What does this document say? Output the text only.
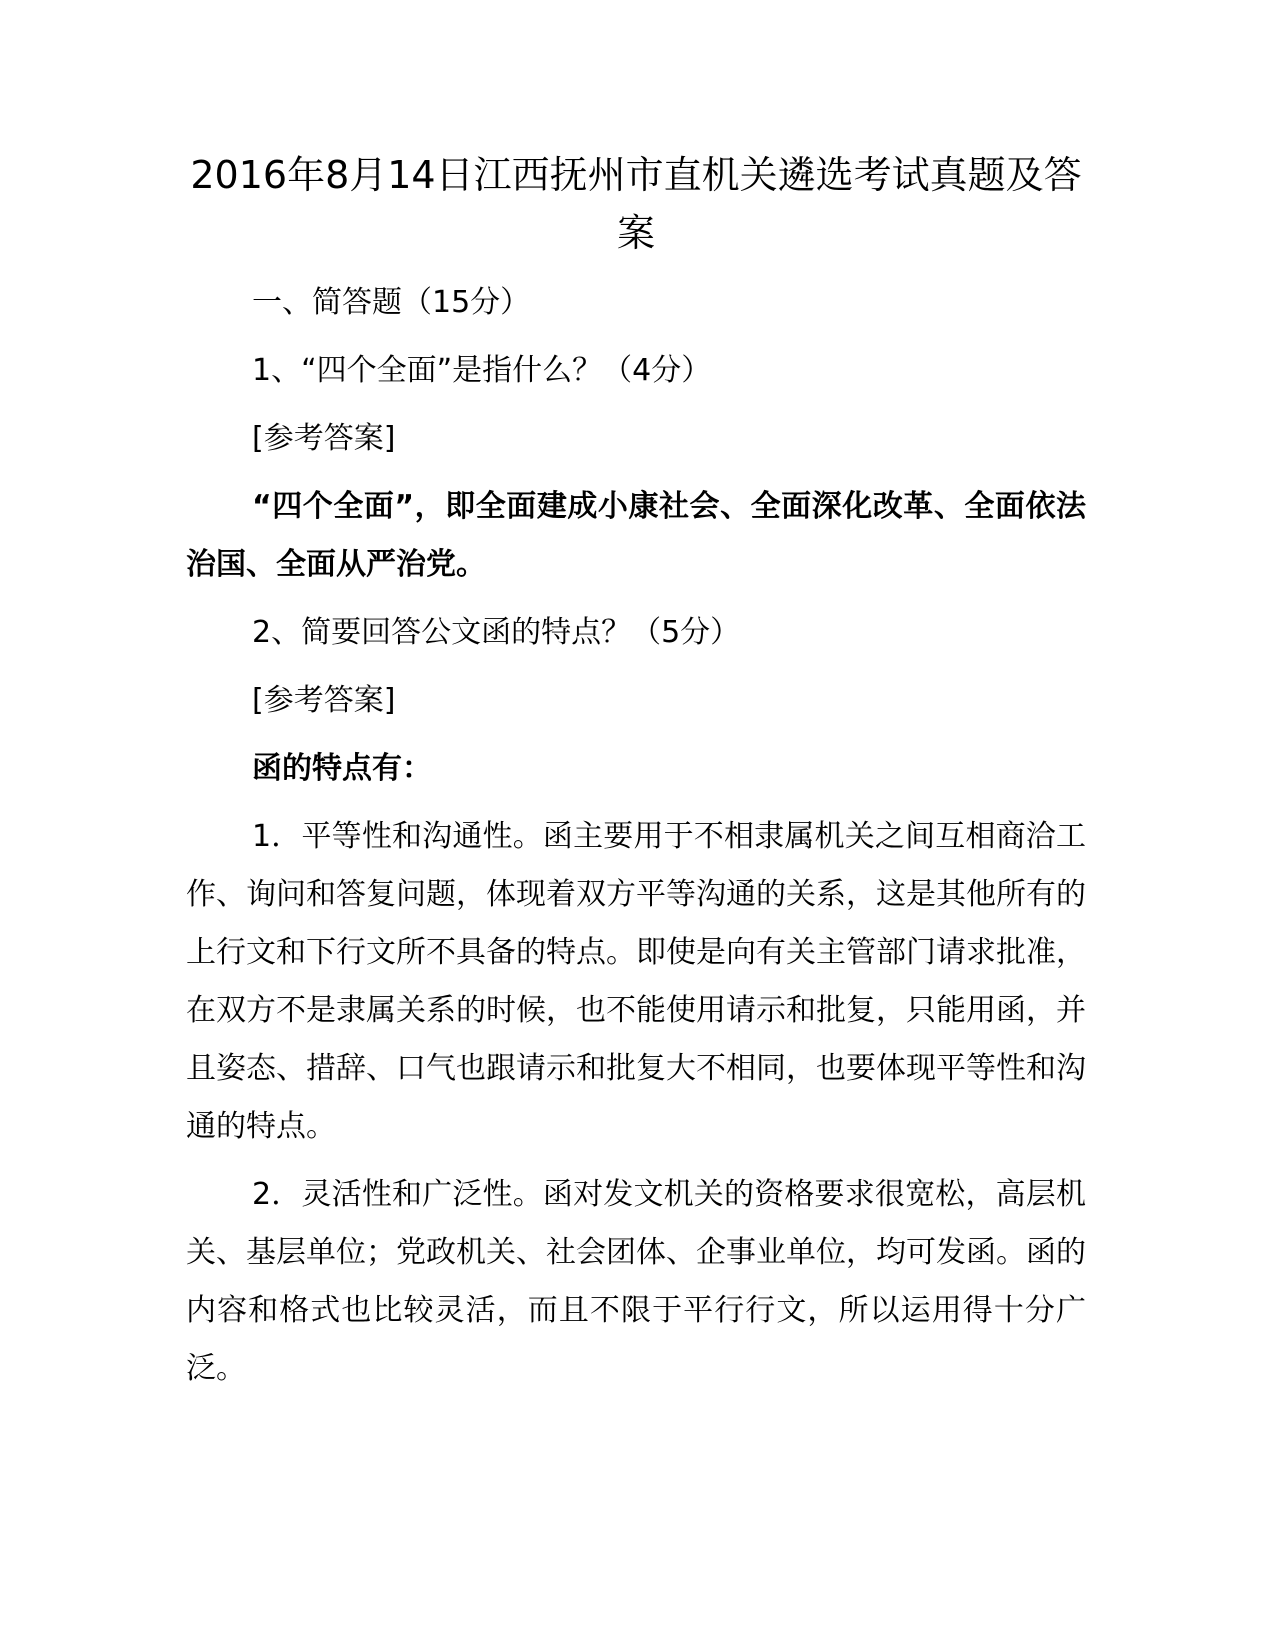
2016年8月14日江西抚州市直机关遴选考试真题及答案

一、简答题（15分）

1、“四个全面”是指什么？（4分）

[参考答案]

“四个全面”，即全面建成小康社会、全面深化改革、全面依法治国、全面从严治党。

2、简要回答公文函的特点？（5分）

[参考答案]

函的特点有：

1．平等性和沟通性。函主要用于不相隶属机关之间互相商洽工作、询问和答复问题，体现着双方平等沟通的关系，这是其他所有的上行文和下行文所不具备的特点。即使是向有关主管部门请求批准，在双方不是隶属关系的时候，也不能使用请示和批复，只能用函，并且姿态、措辞、口气也跟请示和批复大不相同，也要体现平等性和沟通的特点。

2．灵活性和广泛性。函对发文机关的资格要求很宽松，高层机关、基层单位；党政机关、社会团体、企事业单位，均可发函。函的内容和格式也比较灵活，而且不限于平行行文，所以运用得十分广泛。
